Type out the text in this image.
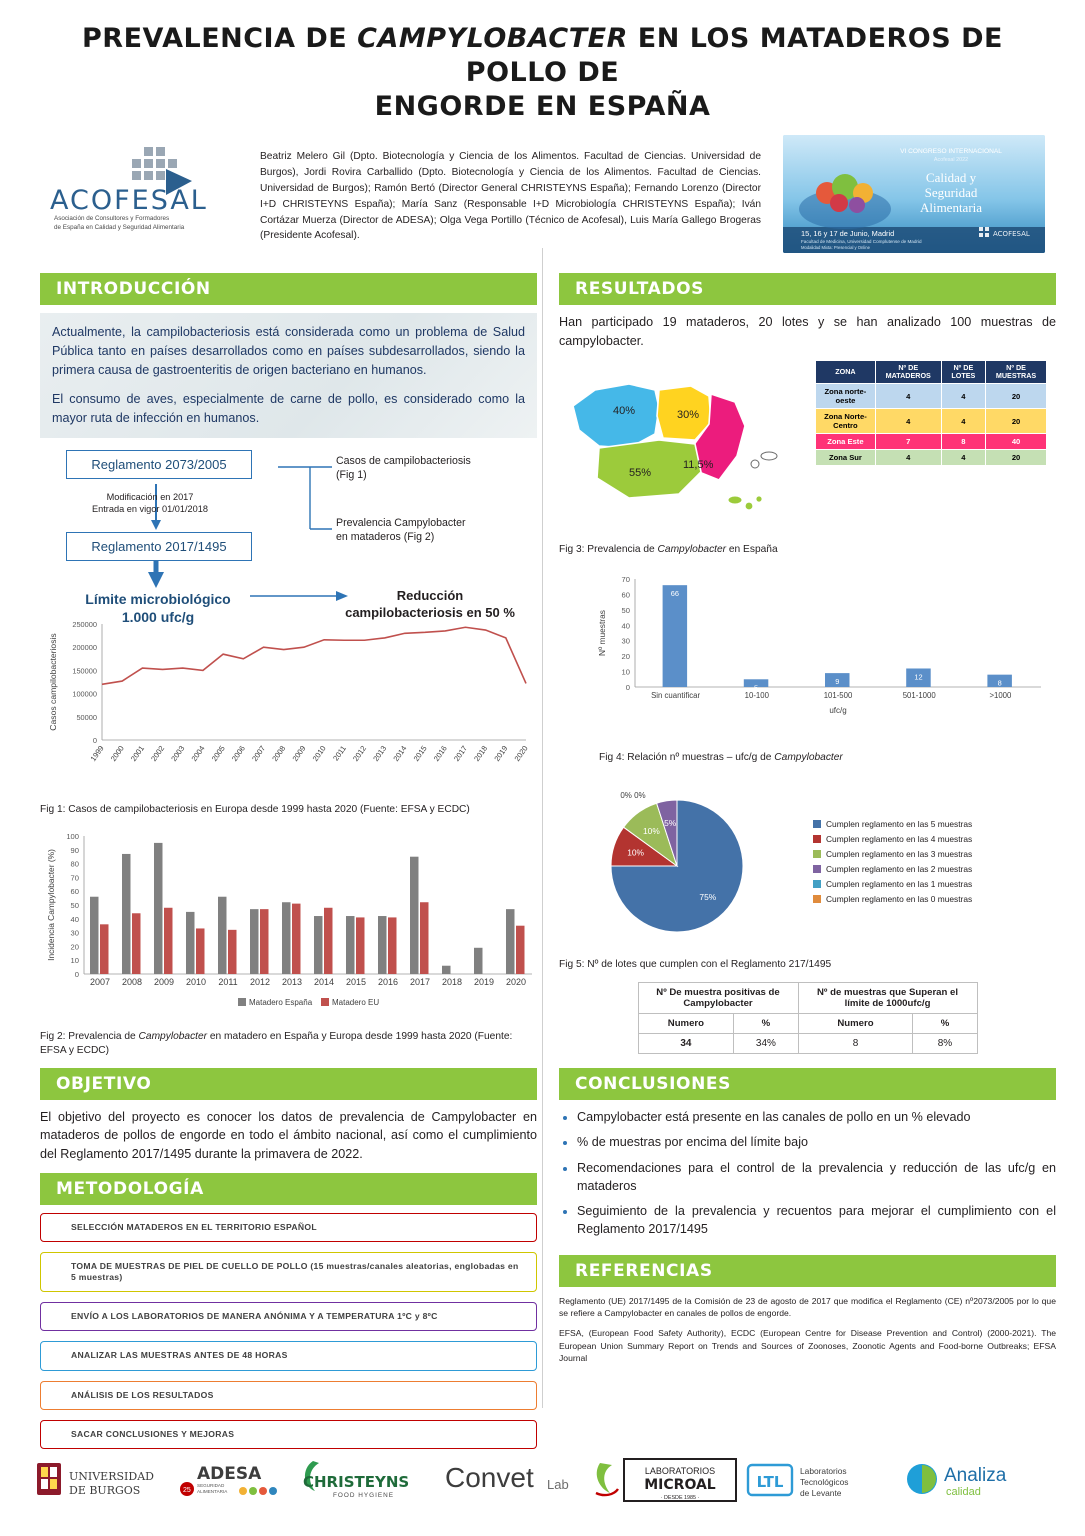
PREVALENCIA DE CAMPYLOBACTER EN LOS MATADEROS DE POLLO DE
ENGORDE EN ESPAÑA
ACOFESAL
Asociación de Consultores y Formadores
de España en Calidad y Seguridad Alimentaria
Beatriz Melero Gil (Dpto. Biotecnología y Ciencia de los Alimentos. Facultad de Ciencias. Universidad de Burgos), Jordi Rovira Carballido (Dpto. Biotecnología y Ciencia de los Alimentos. Facultad de Ciencias. Universidad de Burgos); Ramón Bertó (Director General CHRISTEYNS España); Fernando Lorenzo (Director I+D CHRISTEYNS España); María Sanz (Responsable I+D Microbiología CHRISTEYNS España); Iván Cortázar Muerza (Director de ADESA); Olga Vega Portillo (Técnico de Acofesal), Luis María Gallego Brogeras (Presidente Acofesal).
VI CONGRESO INTERNACIONAL
Acofesal 2022
Calidad y
Seguridad
Alimentaria
15, 16 y 17 de Junio, Madrid
Facultad de Medicina, Universidad Complutense de Madrid
Modalidad Mixta: Presencial y Online
ACOFESAL
INTRODUCCIÓN

Actualmente, la campilobacteriosis está considerada como un problema de Salud Pública tanto en países desarrollados como en países subdesarrollados, siendo la primera causa de gastroenteritis de origen bacteriano en humanos.

El consumo de aves, especialmente de carne de pollo, es considerado como la mayor ruta de infección en humanos.

Reglamento 2073/2005
Modificación en 2017
Entrada en vigor 01/01/2018
Reglamento 2017/1495
Casos de campilobacteriosis
(Fig 1)
Prevalencia Campylobacter
en mataderos (Fig 2)
Límite microbiológico
1.000 ufc/g
Reducción
campilobacteriosis en 50 %
0
50000
100000
150000
200000
250000
1999 2000 2001 2002 2003 2004 2005 2006 2007 2008 2009 2010 2011 2012 2013 2014 2015 2016 2017 2018 2019 2020
Casos campilobacteriosis
Fig 1: Casos de campilobacteriosis en Europa desde 1999 hasta 2020 (Fuente: EFSA y ECDC)
0
10
20
30
40
50
60
70
80
90
100
2007 2008 2009 2010 2011 2012 2013 2014 2015 2016 2017 2018 2019 2020
Incidencia Campylobacter (%)
Matadero España Matadero EU
Fig 2: Prevalencia de Campylobacter en matadero en España y Europa desde 1999 hasta 2020 (Fuente: EFSA y ECDC)
OBJETIVO

El objetivo del proyecto es conocer los datos de prevalencia de Campylobacter en mataderos de pollos de engorde en todo el ámbito nacional, así como el cumplimiento del Reglamento 2017/1495 durante la primavera de 2022.

METODOLOGÍA
SELECCIÓN MATADEROS EN EL TERRITORIO ESPAÑOL
TOMA DE MUESTRAS DE PIEL DE CUELLO DE POLLO (15 muestras/canales aleatorias, englobadas en 5 muestras)
ENVÍO A LOS LABORATORIOS DE MANERA ANÓNIMA Y A TEMPERATURA 1ºC y 8ºC
ANALIZAR LAS MUESTRAS ANTES DE 48 HORAS
ANÁLISIS DE LOS RESULTADOS
SACAR CONCLUSIONES Y MEJORAS
RESULTADOS

Han participado 19 mataderos, 20 lotes y se han analizado 100 muestras de campylobacter.

40%	30%
11,5%
55%
ZONA	Nº DE MATADEROS	Nº DE LOTES	Nº DE MUESTRAS
Zona norte-oeste	4	4	20
Zona Norte-Centro	4	4	20
Zona Este	7	8	40
Zona Sur	4	4	20
Fig 3: Prevalencia de Campylobacter en España
0
10
20
30
40
50
60
70
66
Sin cuantificar
5
10-100
9
101-500
12
501-1000
8
>1000
Nº muestras
ufc/g
Fig 4: Relación nº muestras – ufc/g de Campylobacter
75%
10%
10%
5%
0% 0%
Cumplen reglamento en las 5 muestras
Cumplen reglamento en las 4 muestras
Cumplen reglamento en las 3 muestras
Cumplen reglamento en las 2 muestras
Cumplen reglamento en las 1 muestras
Cumplen reglamento en las 0 muestras
Fig 5: Nº de lotes que cumplen con el Reglamento 217/1495
Nº De muestra positivas de Campylobacter		Nº de muestras que Superan el límite de 1000ufc/g	
Numero	%	Numero	%
34	34%	8	8%
CONCLUSIONES
• Campylobacter está presente en las canales de pollo en un % elevado
• % de muestras por encima del límite bajo
• Recomendaciones para el control de la prevalencia y reducción de las ufc/g en mataderos
• Seguimiento de la prevalencia y recuentos para mejorar el cumplimiento con el Reglamento 2017/1495
REFERENCIAS
Reglamento (UE) 2017/1495 de la Comisión de 23 de agosto de 2017 que modifica el Reglamento (CE) nº2073/2005 por lo que se refiere a Campylobacter en canales de pollos de engorde.
EFSA, (European Food Safety Authority), ECDC (European Centre for Disease Prevention and Control) (2000-2021). The European Union Summary Report on Trends and Sources of Zoonoses, Zoonotic Agents and Food-borne Outbreaks; EFSA Journal
UNIVERSIDAD
DE BURGOS
ADESA
25
SEGURIDAD
ALIMENTARIA
CHRISTEYNS
FOOD HYGIENE
Convet Lab
LABORATORIOS
MICROAL
· DESDE 1985 ·
LTL
Laboratorios
Tecnológicos
de Levante
Analiza
calidad
